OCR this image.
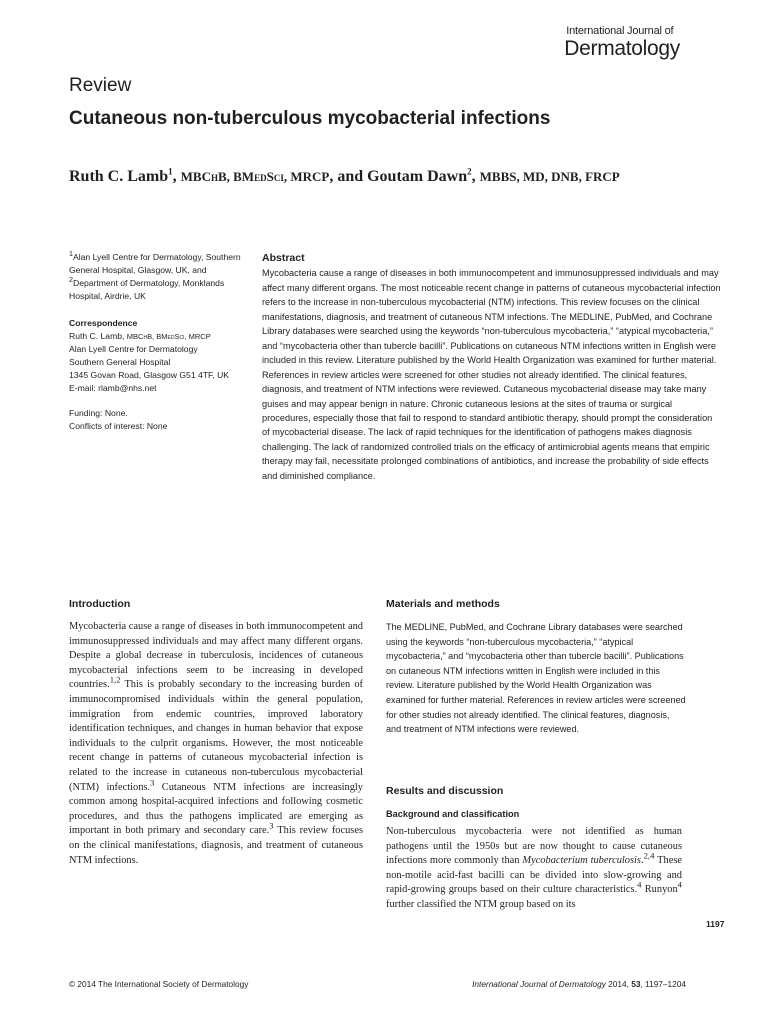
International Journal of
Dermatology
Review
Cutaneous non-tuberculous mycobacterial infections
Ruth C. Lamb$^1$, MBChB, BMedSci, MRCP, and Goutam Dawn$^2$, MBBS, MD, DNB, FRCP

$^1$Alan Lyell Centre for Dermatology, Southern General Hospital, Glasgow, UK, and $^2$Department of Dermatology, Monklands Hospital, Airdrie, UK

Correspondence

Ruth C. Lamb, MBChB, BMedSci, MRCP

Alan Lyell Centre for Dermatology

Southern General Hospital

1345 Govan Road, Glasgow G51 4TF, UK

E-mail: rlamb@nhs.net

Funding: None.

Conflicts of interest: None

Abstract

Mycobacteria cause a range of diseases in both immunocompetent and immunosuppressed individuals and may affect many different organs. The most noticeable recent change in patterns of cutaneous mycobacterial infection refers to the increase in non-tuberculous mycobacterial (NTM) infections. This review focuses on the clinical manifestations, diagnosis, and treatment of cutaneous NTM infections. The MEDLINE, PubMed, and Cochrane Library databases were searched using the keywords “non-tuberculous mycobacteria,” “atypical mycobacteria,” and “mycobacteria other than tubercle bacilli”. Publications on cutaneous NTM infections written in English were included in this review. Literature published by the World Health Organization was examined for further material. References in review articles were screened for other studies not already identified. The clinical features, diagnosis, and treatment of NTM infections were reviewed. Cutaneous mycobacterial disease may take many guises and may appear benign in nature. Chronic cutaneous lesions at the sites of trauma or surgical procedures, especially those that fail to respond to standard antibiotic therapy, should prompt the consideration of mycobacterial disease. The lack of rapid techniques for the identification of pathogens makes diagnosis challenging. The lack of randomized controlled trials on the efficacy of antimicrobial agents means that empiric therapy may fail, necessitate prolonged combinations of antibiotics, and increase the probability of side effects and diminished compliance.

Introduction

Mycobacteria cause a range of diseases in both immunocompetent and immunosuppressed individuals and may affect many different organs. Despite a global decrease in tuberculosis, incidences of cutaneous mycobacterial infections seem to be increasing in developed countries.$^{1,2}$ This is probably secondary to the increasing burden of immunocompromised individuals within the general population, immigration from endemic countries, improved laboratory identification techniques, and changes in human behavior that expose individuals to the culprit organisms. However, the most noticeable recent change in patterns of cutaneous mycobacterial infection is related to the increase in cutaneous non-tuberculous mycobacterial (NTM) infections.$^3$ Cutaneous NTM infections are increasingly common among hospital-acquired infections and following cosmetic procedures, and thus the pathogens implicated are emerging as important in both primary and secondary care.$^3$ This review focuses on the clinical manifestations, diagnosis, and treatment of cutaneous NTM infections.

Materials and methods

The MEDLINE, PubMed, and Cochrane Library databases were searched using the keywords “non-tuberculous mycobacteria,” “atypical mycobacteria,” and “mycobacteria other than tubercle bacilli”. Publications on cutaneous NTM infections written in English were included in this review. Literature published by the World Health Organization was examined for further material. References in review articles were screened for other studies not already identified. The clinical features, diagnosis, and treatment of NTM infections were reviewed.

Results and discussion
Background and classification

Non-tuberculous mycobacteria were not identified as human pathogens until the 1950s but are now thought to cause cutaneous infections more commonly than Mycobacterium tuberculosis.$^{2,4}$ These non-motile acid-fast bacilli can be divided into slow-growing and rapid-growing groups based on their culture characteristics.$^4$ Runyon$^4$ further classified the NTM group based on its

1197
© 2014 The International Society of Dermatology	International Journal of Dermatology 2014, 53, 1197–1204
